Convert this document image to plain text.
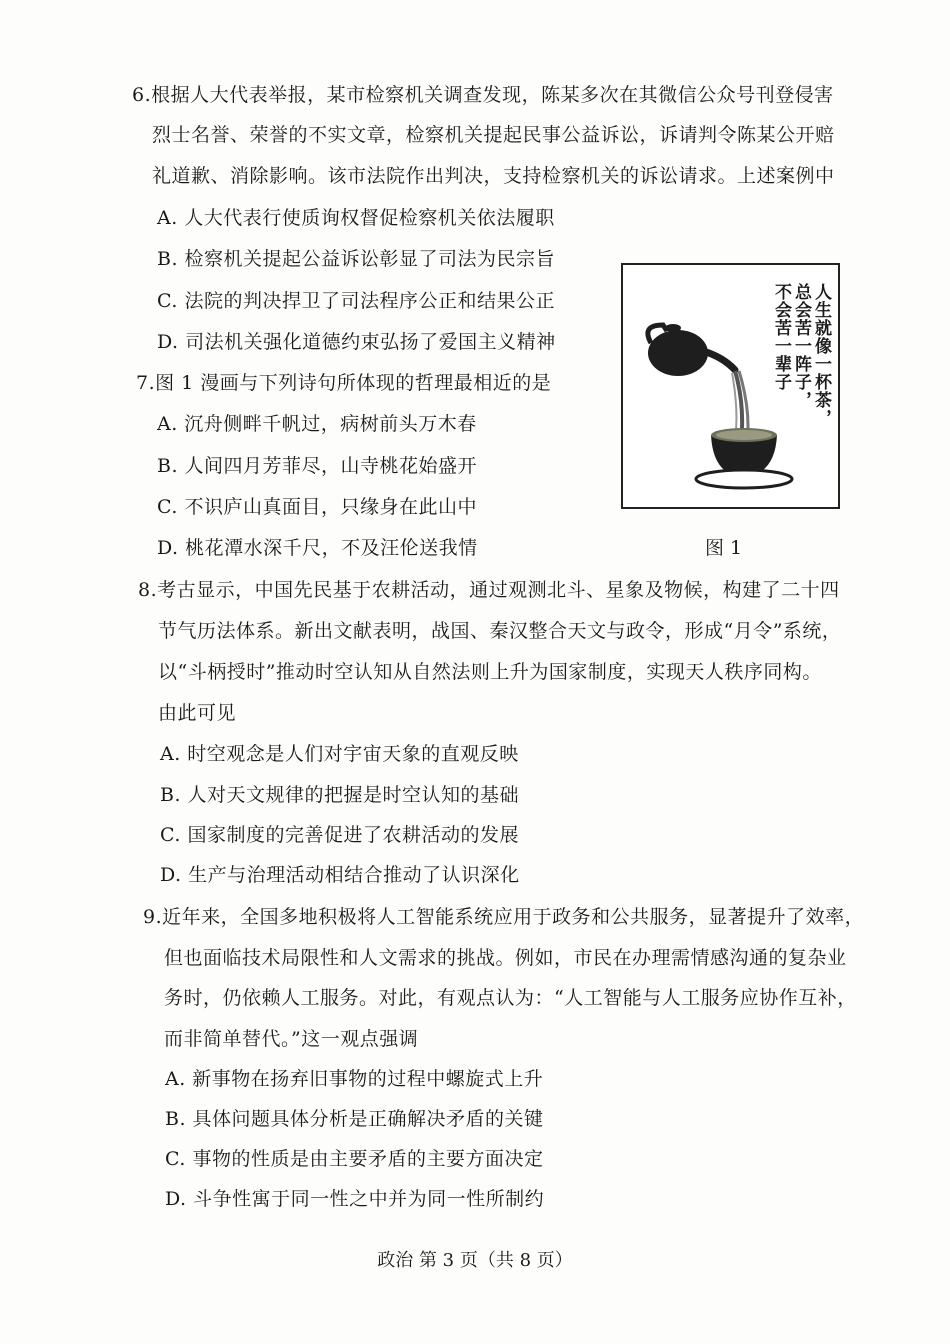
6.根据人大代表举报，某市检察机关调查发现，陈某多次在其微信公众号刊登侵害
烈士名誉、荣誉的不实文章，检察机关提起民事公益诉讼，诉请判令陈某公开赔
礼道歉、消除影响。该市法院作出判决，支持检察机关的诉讼请求。上述案例中
A. 人大代表行使质询权督促检察机关依法履职
B. 检察机关提起公益诉讼彰显了司法为民宗旨
C. 法院的判决捍卫了司法程序公正和结果公正
D. 司法机关强化道德约束弘扬了爱国主义精神	人生就像一杯茶，
总会苦一阵子，
不会苦一辈子
图 1
7.图 1 漫画与下列诗句所体现的哲理最相近的是
A. 沉舟侧畔千帆过，病树前头万木春
B. 人间四月芳菲尽，山寺桃花始盛开
C. 不识庐山真面目，只缘身在此山中
D. 桃花潭水深千尺，不及汪伦送我情
8.考古显示，中国先民基于农耕活动，通过观测北斗、星象及物候，构建了二十四
节气历法体系。新出文献表明，战国、秦汉整合天文与政令，形成“月令”系统，
以“斗柄授时”推动时空认知从自然法则上升为国家制度，实现天人秩序同构。
由此可见
A. 时空观念是人们对宇宙天象的直观反映
B. 人对天文规律的把握是时空认知的基础
C. 国家制度的完善促进了农耕活动的发展
D. 生产与治理活动相结合推动了认识深化
9.近年来，全国多地积极将人工智能系统应用于政务和公共服务，显著提升了效率，
但也面临技术局限性和人文需求的挑战。例如，市民在办理需情感沟通的复杂业
务时，仍依赖人工服务。对此，有观点认为：“人工智能与人工服务应协作互补，
而非简单替代。”这一观点强调
A. 新事物在扬弃旧事物的过程中螺旋式上升
B. 具体问题具体分析是正确解决矛盾的关键
C. 事物的性质是由主要矛盾的主要方面决定
D. 斗争性寓于同一性之中并为同一性所制约
政治 第 3 页（共 8 页）
